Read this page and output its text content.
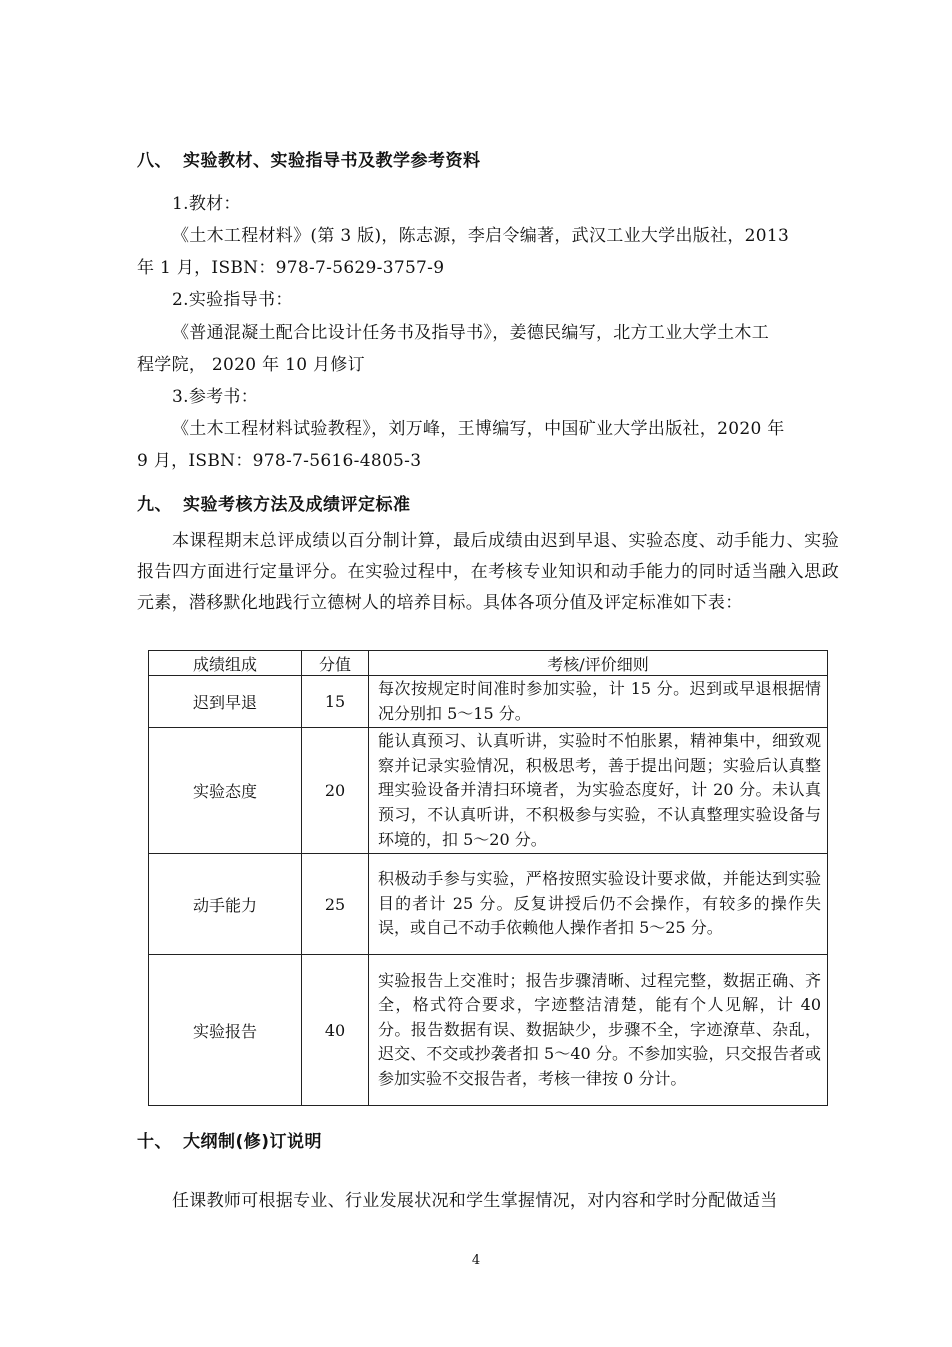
八、 实验教材、实验指导书及教学参考资料
1.教材：
《土木工程材料》(第 3 版)，陈志源，李启令编著，武汉工业大学出版社，2013
年 1 月，ISBN：978-7-5629-3757-9
2.实验指导书：
《普通混凝土配合比设计任务书及指导书》，姜德民编写，北方工业大学土木工
程学院， 2020 年 10 月修订
3.参考书：
《土木工程材料试验教程》，刘万峰，王博编写，中国矿业大学出版社，2020 年
9 月，ISBN：978-7-5616-4805-3
九、 实验考核方法及成绩评定标准
本课程期末总评成绩以百分制计算，最后成绩由迟到早退、实验态度、动手能力、实验报告四方面进行定量评分。在实验过程中，在考核专业知识和动手能力的同时适当融入思政元素，潜移默化地践行立德树人的培养目标。具体各项分值及评定标准如下表：
成绩组成	分值	考核/评价细则
迟到早退	15	每次按规定时间准时参加实验，计 15 分。迟到或早退根据情况分别扣 5～15 分。
实验态度	20	能认真预习、认真听讲，实验时不怕胀累，精神集中，细致观察并记录实验情况，积极思考，善于提出问题；实验后认真整理实验设备并清扫环境者，为实验态度好，计 20 分。未认真预习，不认真听讲，不积极参与实验，不认真整理实验设备与环境的，扣 5～20 分。
动手能力	25	积极动手参与实验，严格按照实验设计要求做，并能达到实验目的者计 25 分。反复讲授后仍不会操作，有较多的操作失误，或自己不动手依赖他人操作者扣 5～25 分。
实验报告	40	实验报告上交准时；报告步骤清晰、过程完整，数据正确、齐全，格式符合要求，字迹整洁清楚，能有个人见解，计 40 分。报告数据有误、数据缺少，步骤不全，字迹潦草、杂乱，迟交、不交或抄袭者扣 5～40 分。不参加实验，只交报告者或参加实验不交报告者，考核一律按 0 分计。
十、 大纲制(修)订说明
任课教师可根据专业、行业发展状况和学生掌握情况，对内容和学时分配做适当
4
